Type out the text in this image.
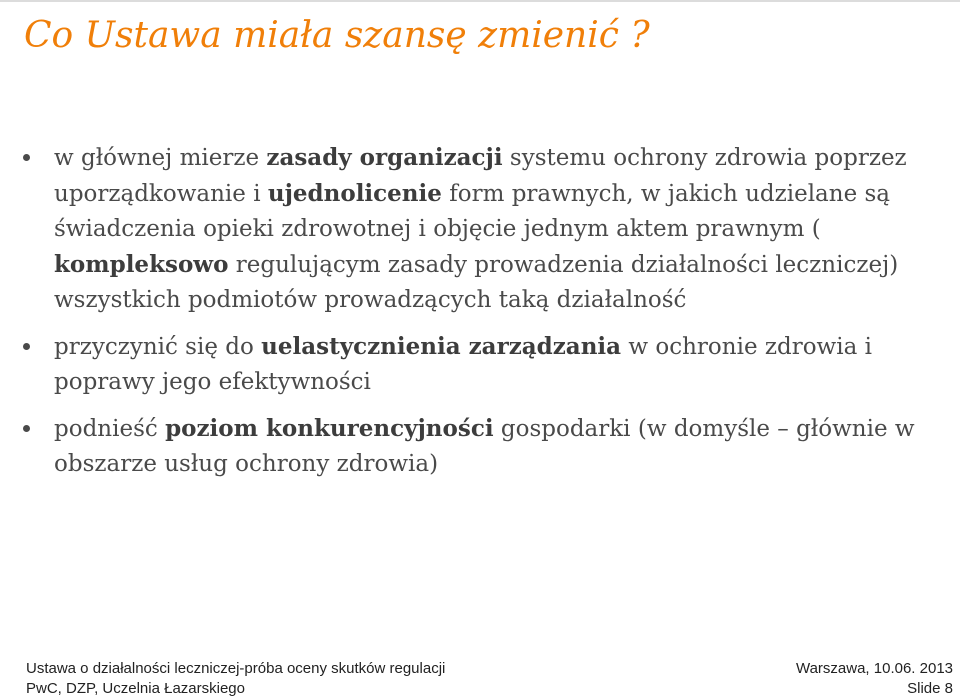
Co Ustawa miała szansę zmienić ?
w głównej mierze zasady organizacji systemu ochrony zdrowia poprzez uporządkowanie i ujednolicenie form prawnych, w jakich udzielane są świadczenia opieki zdrowotnej i objęcie jednym aktem prawnym ( kompleksowo regulującym zasady prowadzenia działalności leczniczej) wszystkich podmiotów prowadzących taką działalność
przyczynić się do uelastycznienia zarządzania w ochronie zdrowia i poprawy jego efektywności
podnieść poziom konkurencyjności gospodarki (w domyśle – głównie w obszarze usług ochrony zdrowia)
Ustawa o działalności leczniczej-próba oceny skutków regulacji	Warszawa, 10.06. 2013
PwC, DZP, Uczelnia Łazarskiego	Slide 8
